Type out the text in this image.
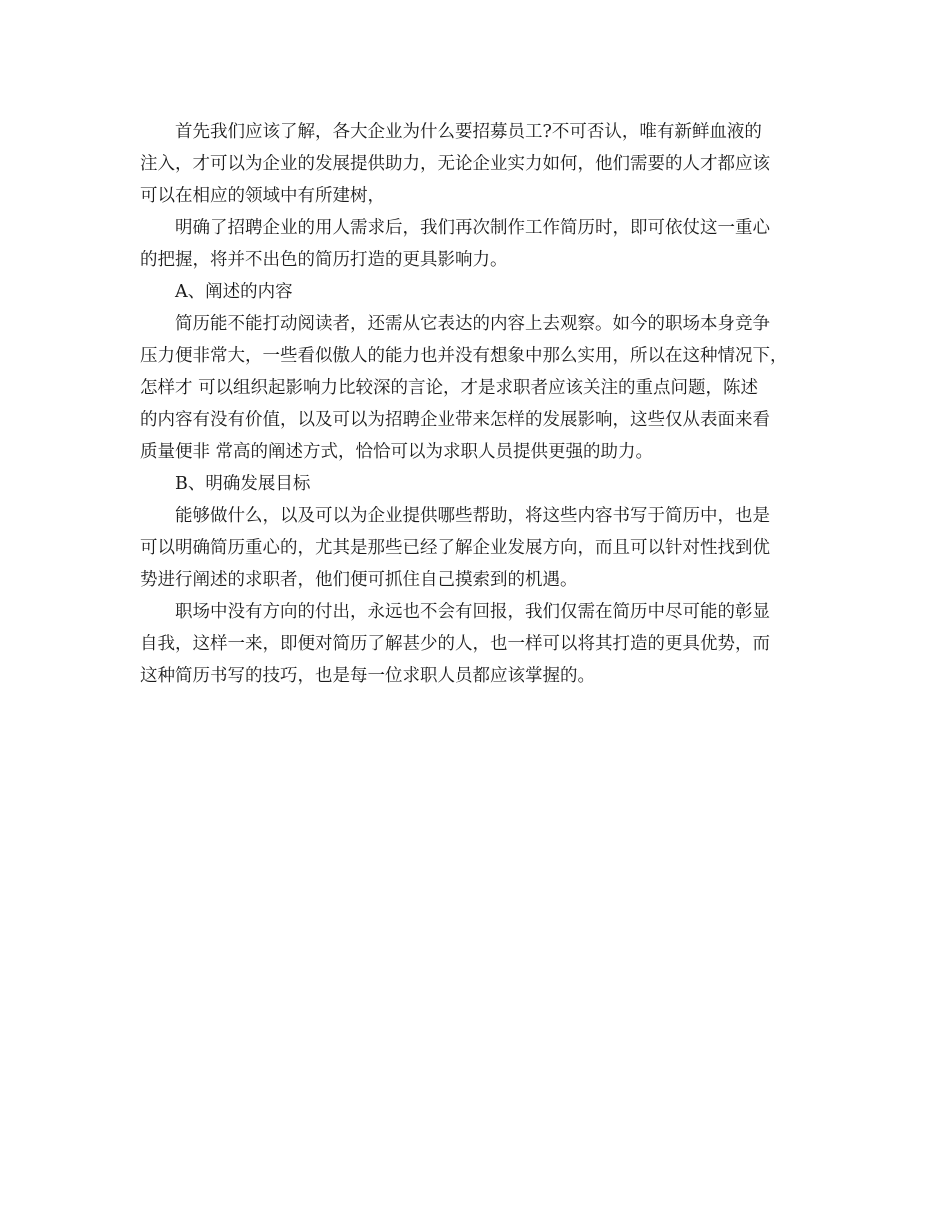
首先我们应该了解，各大企业为什么要招募员工?不可否认，唯有新鲜血液的
注入，才可以为企业的发展提供助力，无论企业实力如何，他们需要的人才都应该
可以在相应的领域中有所建树，
明确了招聘企业的用人需求后，我们再次制作工作简历时，即可依仗这一重心
的把握，将并不出色的简历打造的更具影响力。
A、阐述的内容
简历能不能打动阅读者，还需从它表达的内容上去观察。如今的职场本身竞争
压力便非常大，一些看似傲人的能力也并没有想象中那么实用，所以在这种情况下，
怎样才 可以组织起影响力比较深的言论，才是求职者应该关注的重点问题，陈述
的内容有没有价值，以及可以为招聘企业带来怎样的发展影响，这些仅从表面来看
质量便非 常高的阐述方式，恰恰可以为求职人员提供更强的助力。
B、明确发展目标
能够做什么，以及可以为企业提供哪些帮助，将这些内容书写于简历中，也是
可以明确简历重心的，尤其是那些已经了解企业发展方向，而且可以针对性找到优
势进行阐述的求职者，他们便可抓住自己摸索到的机遇。
职场中没有方向的付出，永远也不会有回报，我们仅需在简历中尽可能的彰显
自我，这样一来，即便对简历了解甚少的人，也一样可以将其打造的更具优势，而
这种简历书写的技巧，也是每一位求职人员都应该掌握的。
